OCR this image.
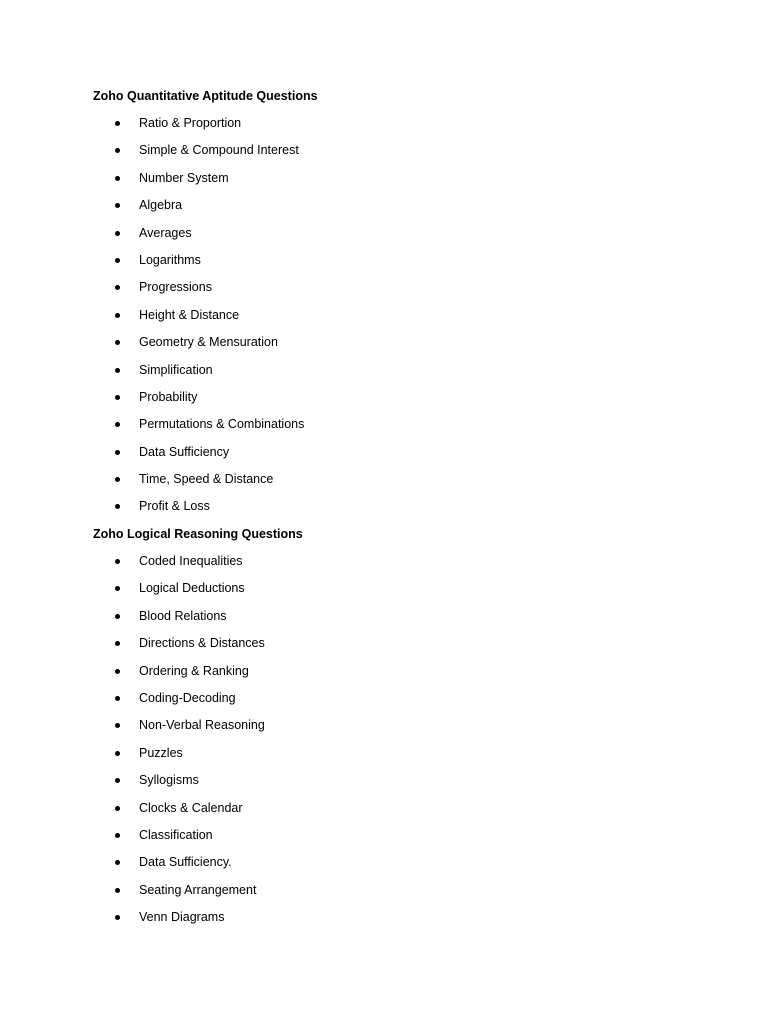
Zoho Quantitative Aptitude Questions
Ratio & Proportion
Simple & Compound Interest
Number System
Algebra
Averages
Logarithms
Progressions
Height & Distance
Geometry & Mensuration
Simplification
Probability
Permutations & Combinations
Data Sufficiency
Time, Speed & Distance
Profit & Loss
Zoho Logical Reasoning Questions
Coded Inequalities
Logical Deductions
Blood Relations
Directions & Distances
Ordering & Ranking
Coding-Decoding
Non-Verbal Reasoning
Puzzles
Syllogisms
Clocks & Calendar
Classification
Data Sufficiency.
Seating Arrangement
Venn Diagrams
